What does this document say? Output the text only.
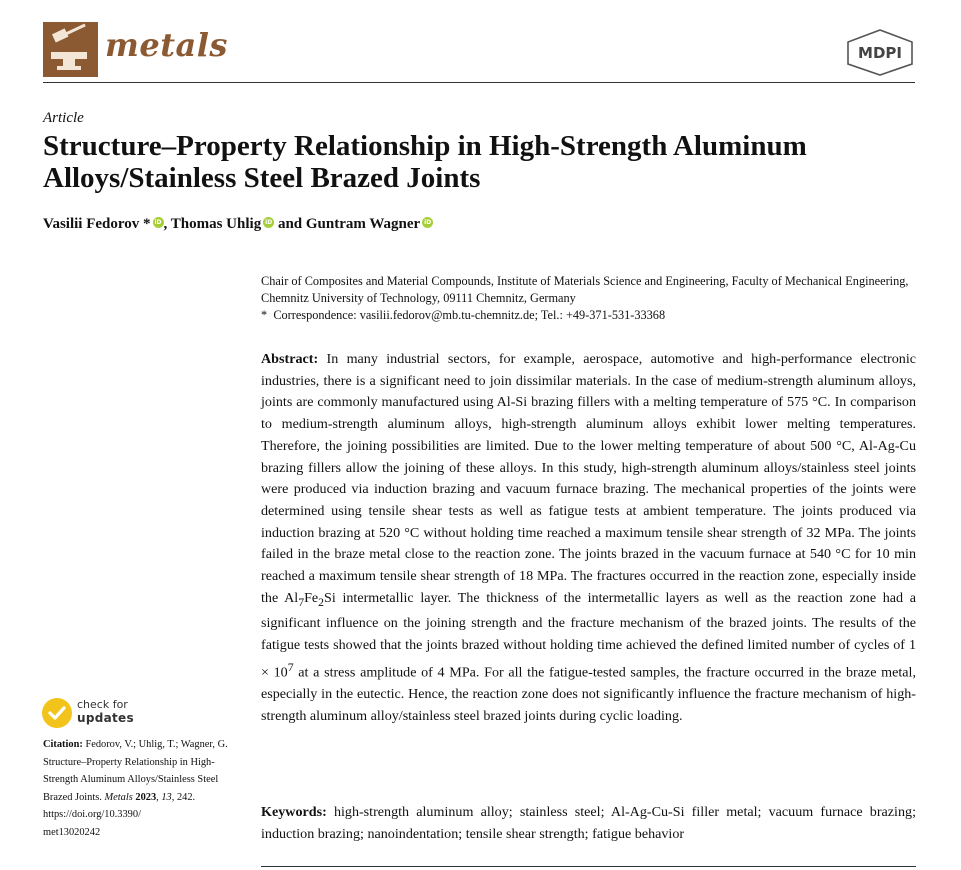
metals	MDPI
Article
Structure–Property Relationship in High-Strength Aluminum Alloys/Stainless Steel Brazed Joints
Vasilii Fedorov * iD , Thomas Uhlig iD and Guntram Wagner iD
Chair of Composites and Material Compounds, Institute of Materials Science and Engineering, Faculty of Mechanical Engineering, Chemnitz University of Technology, 09111 Chemnitz, Germany
* Correspondence: vasilii.fedorov@mb.tu-chemnitz.de; Tel.: +49-371-531-33368

Abstract: In many industrial sectors, for example, aerospace, automotive and high-performance electronic industries, there is a significant need to join dissimilar materials. In the case of medium-strength aluminum alloys, joints are commonly manufactured using Al-Si brazing fillers with a melting temperature of 575 °C. In comparison to medium-strength aluminum alloys, high-strength aluminum alloys exhibit lower melting temperatures. Therefore, the joining possibilities are limited. Due to the lower melting temperature of about 500 °C, Al-Ag-Cu brazing fillers allow the joining of these alloys. In this study, high-strength aluminum alloys/stainless steel joints were produced via induction brazing and vacuum furnace brazing. The mechanical properties of the joints were determined using tensile shear tests as well as fatigue tests at ambient temperature. The joints produced via induction brazing at 520 °C without holding time reached a maximum tensile shear strength of 32 MPa. The joints failed in the braze metal close to the reaction zone. The joints brazed in the vacuum furnace at 540 °C for 10 min reached a maximum tensile shear strength of 18 MPa. The fractures occurred in the reaction zone, especially inside the $Al_7Fe_2Si$ intermetallic layer. The thickness of the intermetallic layers as well as the reaction zone had a significant influence on the joining strength and the fracture mechanism of the brazed joints. The results of the fatigue tests showed that the joints brazed without holding time achieved the defined limited number of cycles of $1 \times 10^7$ at a stress amplitude of 4 MPa. For all the fatigue-tested samples, the fracture occurred in the braze metal, especially in the eutectic. Hence, the reaction zone does not significantly influence the fracture mechanism of high-strength aluminum alloy/stainless steel brazed joints during cyclic loading.

Keywords: high-strength aluminum alloy; stainless steel; Al-Ag-Cu-Si filler metal; vacuum furnace brazing; induction brazing; nanoindentation; tensile shear strength; fatigue behavior

check for
updates
Citation: Fedorov, V.; Uhlig, T.; Wagner, G. Structure–Property Relationship in High-Strength Aluminum Alloys/Stainless Steel Brazed Joints. Metals 2023, 13, 242.
https://doi.org/10.3390/
met13020242
